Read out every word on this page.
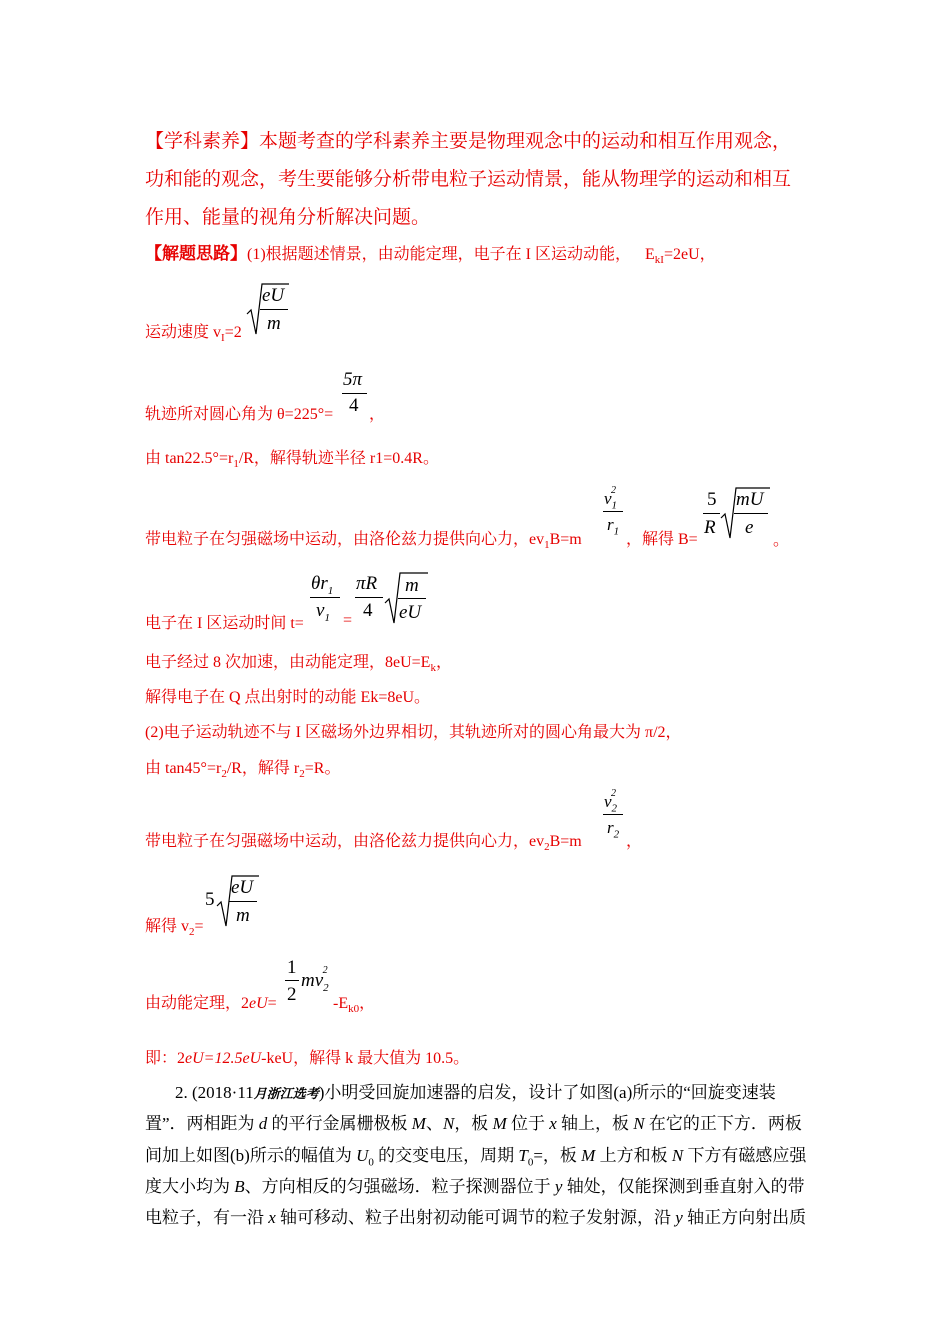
【学科素养】本题考查的学科素养主要是物理观念中的运动和相互作用观念，
功和能的观念，考生要能够分析带电粒子运动情景，能从物理学的运动和相互
作用、能量的视角分析解决问题。
【解题思路】(1)根据题述情景，由动能定理，电子在 I 区运动动能， $E_{kI}=2eU$，
运动速度 $v_I=2$
eU
m
轨迹所对圆心角为 θ=225°=
5π
4 ，
由 $\tan 22.5^\circ=r_1/R$，解得轨迹半径 r1=0.4R。
带电粒子在匀强磁场中运动，由洛伦兹力提供向心力，$ev_1B=m$
$v_1^2$
$r_1$ ，解得 B=
5
R
mU
e
。
电子在 I 区运动时间 t=
$\theta r_1$
$v_1$ =
πR
4
m
eU
电子经过 8 次加速，由动能定理，$8eU=E_k$，
解得电子在 Q 点出射时的动能 Ek=8eU。
(2)电子运动轨迹不与 I 区磁场外边界相切，其轨迹所对的圆心角最大为 π/2，
由 $\tan 45^\circ=r_2/R$，解得 $r_2=R$。
带电粒子在匀强磁场中运动，由洛伦兹力提供向心力，$ev_2B=m$
$v_2^2$
$r_2$ ，
解得 $v_2=$
5
eU
m
由动能定理，2eU=
1
2
$mv_2^2$
$-E_{k0}$，
即：2eU=12.5eU-keU，解得 k 最大值为 10.5。
2. (2018·11月浙江选考)小明受回旋加速器的启发，设计了如图(a)所示的“回旋变速装
置”．两相距为 d 的平行金属栅极板 M、N，板 M 位于 x 轴上，板 N 在它的正下方．两板
间加上如图(b)所示的幅值为 $U_0$ 的交变电压，周期 $T_0=$，板 M 上方和板 N 下方有磁感应强
度大小均为 B、方向相反的匀强磁场．粒子探测器位于 y 轴处，仅能探测到垂直射入的带
电粒子，有一沿 x 轴可移动、粒子出射初动能可调节的粒子发射源，沿 y 轴正方向射出质
